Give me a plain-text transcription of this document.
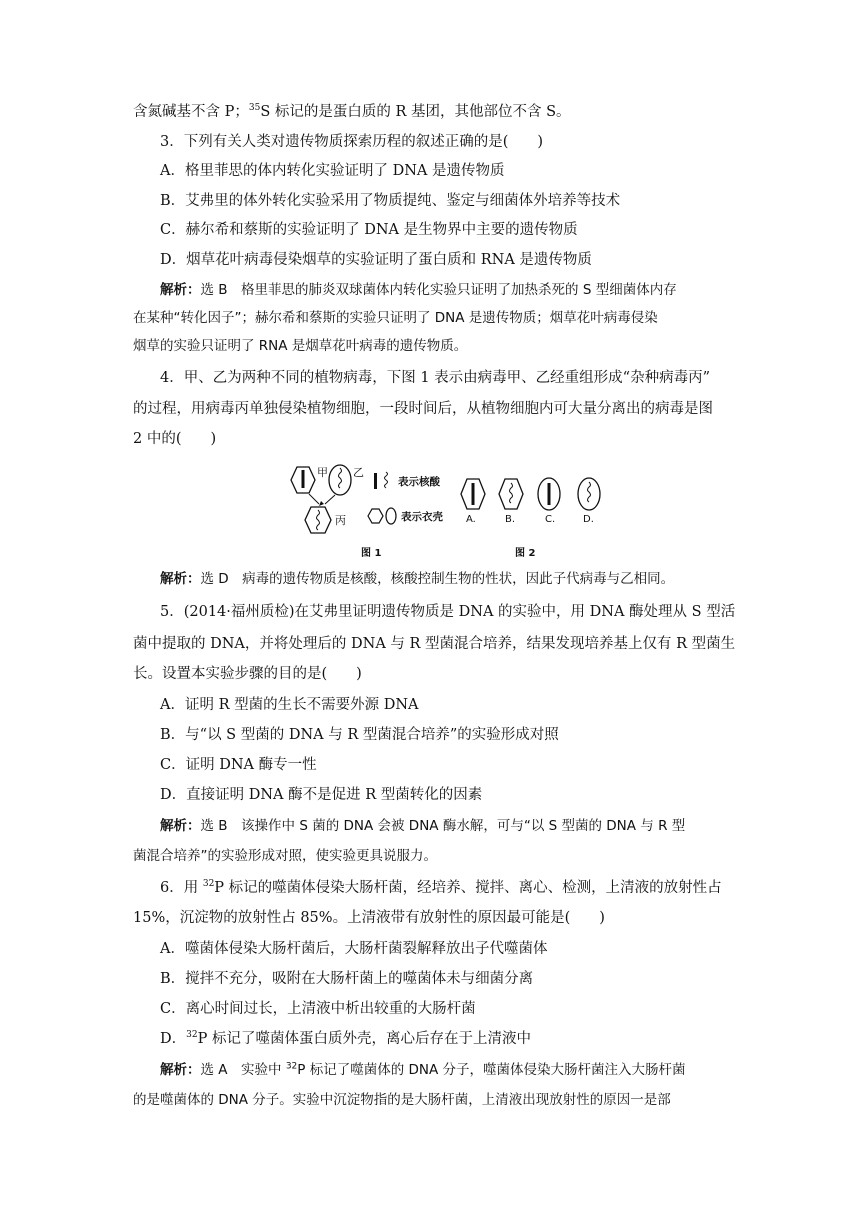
含氮碱基不含 P；$^{35}$S 标记的是蛋白质的 R 基团，其他部位不含 S。
3．下列有关人类对遗传物质探索历程的叙述正确的是(　　)
A．格里菲思的体内转化实验证明了 DNA 是遗传物质
B．艾弗里的体外转化实验采用了物质提纯、鉴定与细菌体外培养等技术
C．赫尔希和蔡斯的实验证明了 DNA 是生物界中主要的遗传物质
D．烟草花叶病毒侵染烟草的实验证明了蛋白质和 RNA 是遗传物质
解析：选 B　格里菲思的肺炎双球菌体内转化实验只证明了加热杀死的 S 型细菌体内存
在某种“转化因子”；赫尔希和蔡斯的实验只证明了 DNA 是遗传物质；烟草花叶病毒侵染
烟草的实验只证明了 RNA 是烟草花叶病毒的遗传物质。
4．甲、乙为两种不同的植物病毒，下图 1 表示由病毒甲、乙经重组形成“杂种病毒丙”
的过程，用病毒丙单独侵染植物细胞，一段时间后，从植物细胞内可大量分离出的病毒是图
2 中的(　　)
甲 乙
丙
表示核酸
表示衣壳 A.	B.	C.	D.
图 1	图 2
解析：选 D　病毒的遗传物质是核酸，核酸控制生物的性状，因此子代病毒与乙相同。
5．(2014·福州质检)在艾弗里证明遗传物质是 DNA 的实验中，用 DNA 酶处理从 S 型活
菌中提取的 DNA，并将处理后的 DNA 与 R 型菌混合培养，结果发现培养基上仅有 R 型菌生
长。设置本实验步骤的目的是(　　)
A．证明 R 型菌的生长不需要外源 DNA
B．与“以 S 型菌的 DNA 与 R 型菌混合培养”的实验形成对照
C．证明 DNA 酶专一性
D．直接证明 DNA 酶不是促进 R 型菌转化的因素
解析：选 B　该操作中 S 菌的 DNA 会被 DNA 酶水解，可与“以 S 型菌的 DNA 与 R 型
菌混合培养”的实验形成对照，使实验更具说服力。
6．用 $^{32}$P 标记的噬菌体侵染大肠杆菌，经培养、搅拌、离心、检测，上清液的放射性占
15%，沉淀物的放射性占 85%。上清液带有放射性的原因最可能是(　　)
A．噬菌体侵染大肠杆菌后，大肠杆菌裂解释放出子代噬菌体
B．搅拌不充分，吸附在大肠杆菌上的噬菌体未与细菌分离
C．离心时间过长，上清液中析出较重的大肠杆菌
D．$^{32}$P 标记了噬菌体蛋白质外壳，离心后存在于上清液中
解析：选 A　实验中 $^{32}$P 标记了噬菌体的 DNA 分子，噬菌体侵染大肠杆菌注入大肠杆菌
的是噬菌体的 DNA 分子。实验中沉淀物指的是大肠杆菌，上清液出现放射性的原因一是部
